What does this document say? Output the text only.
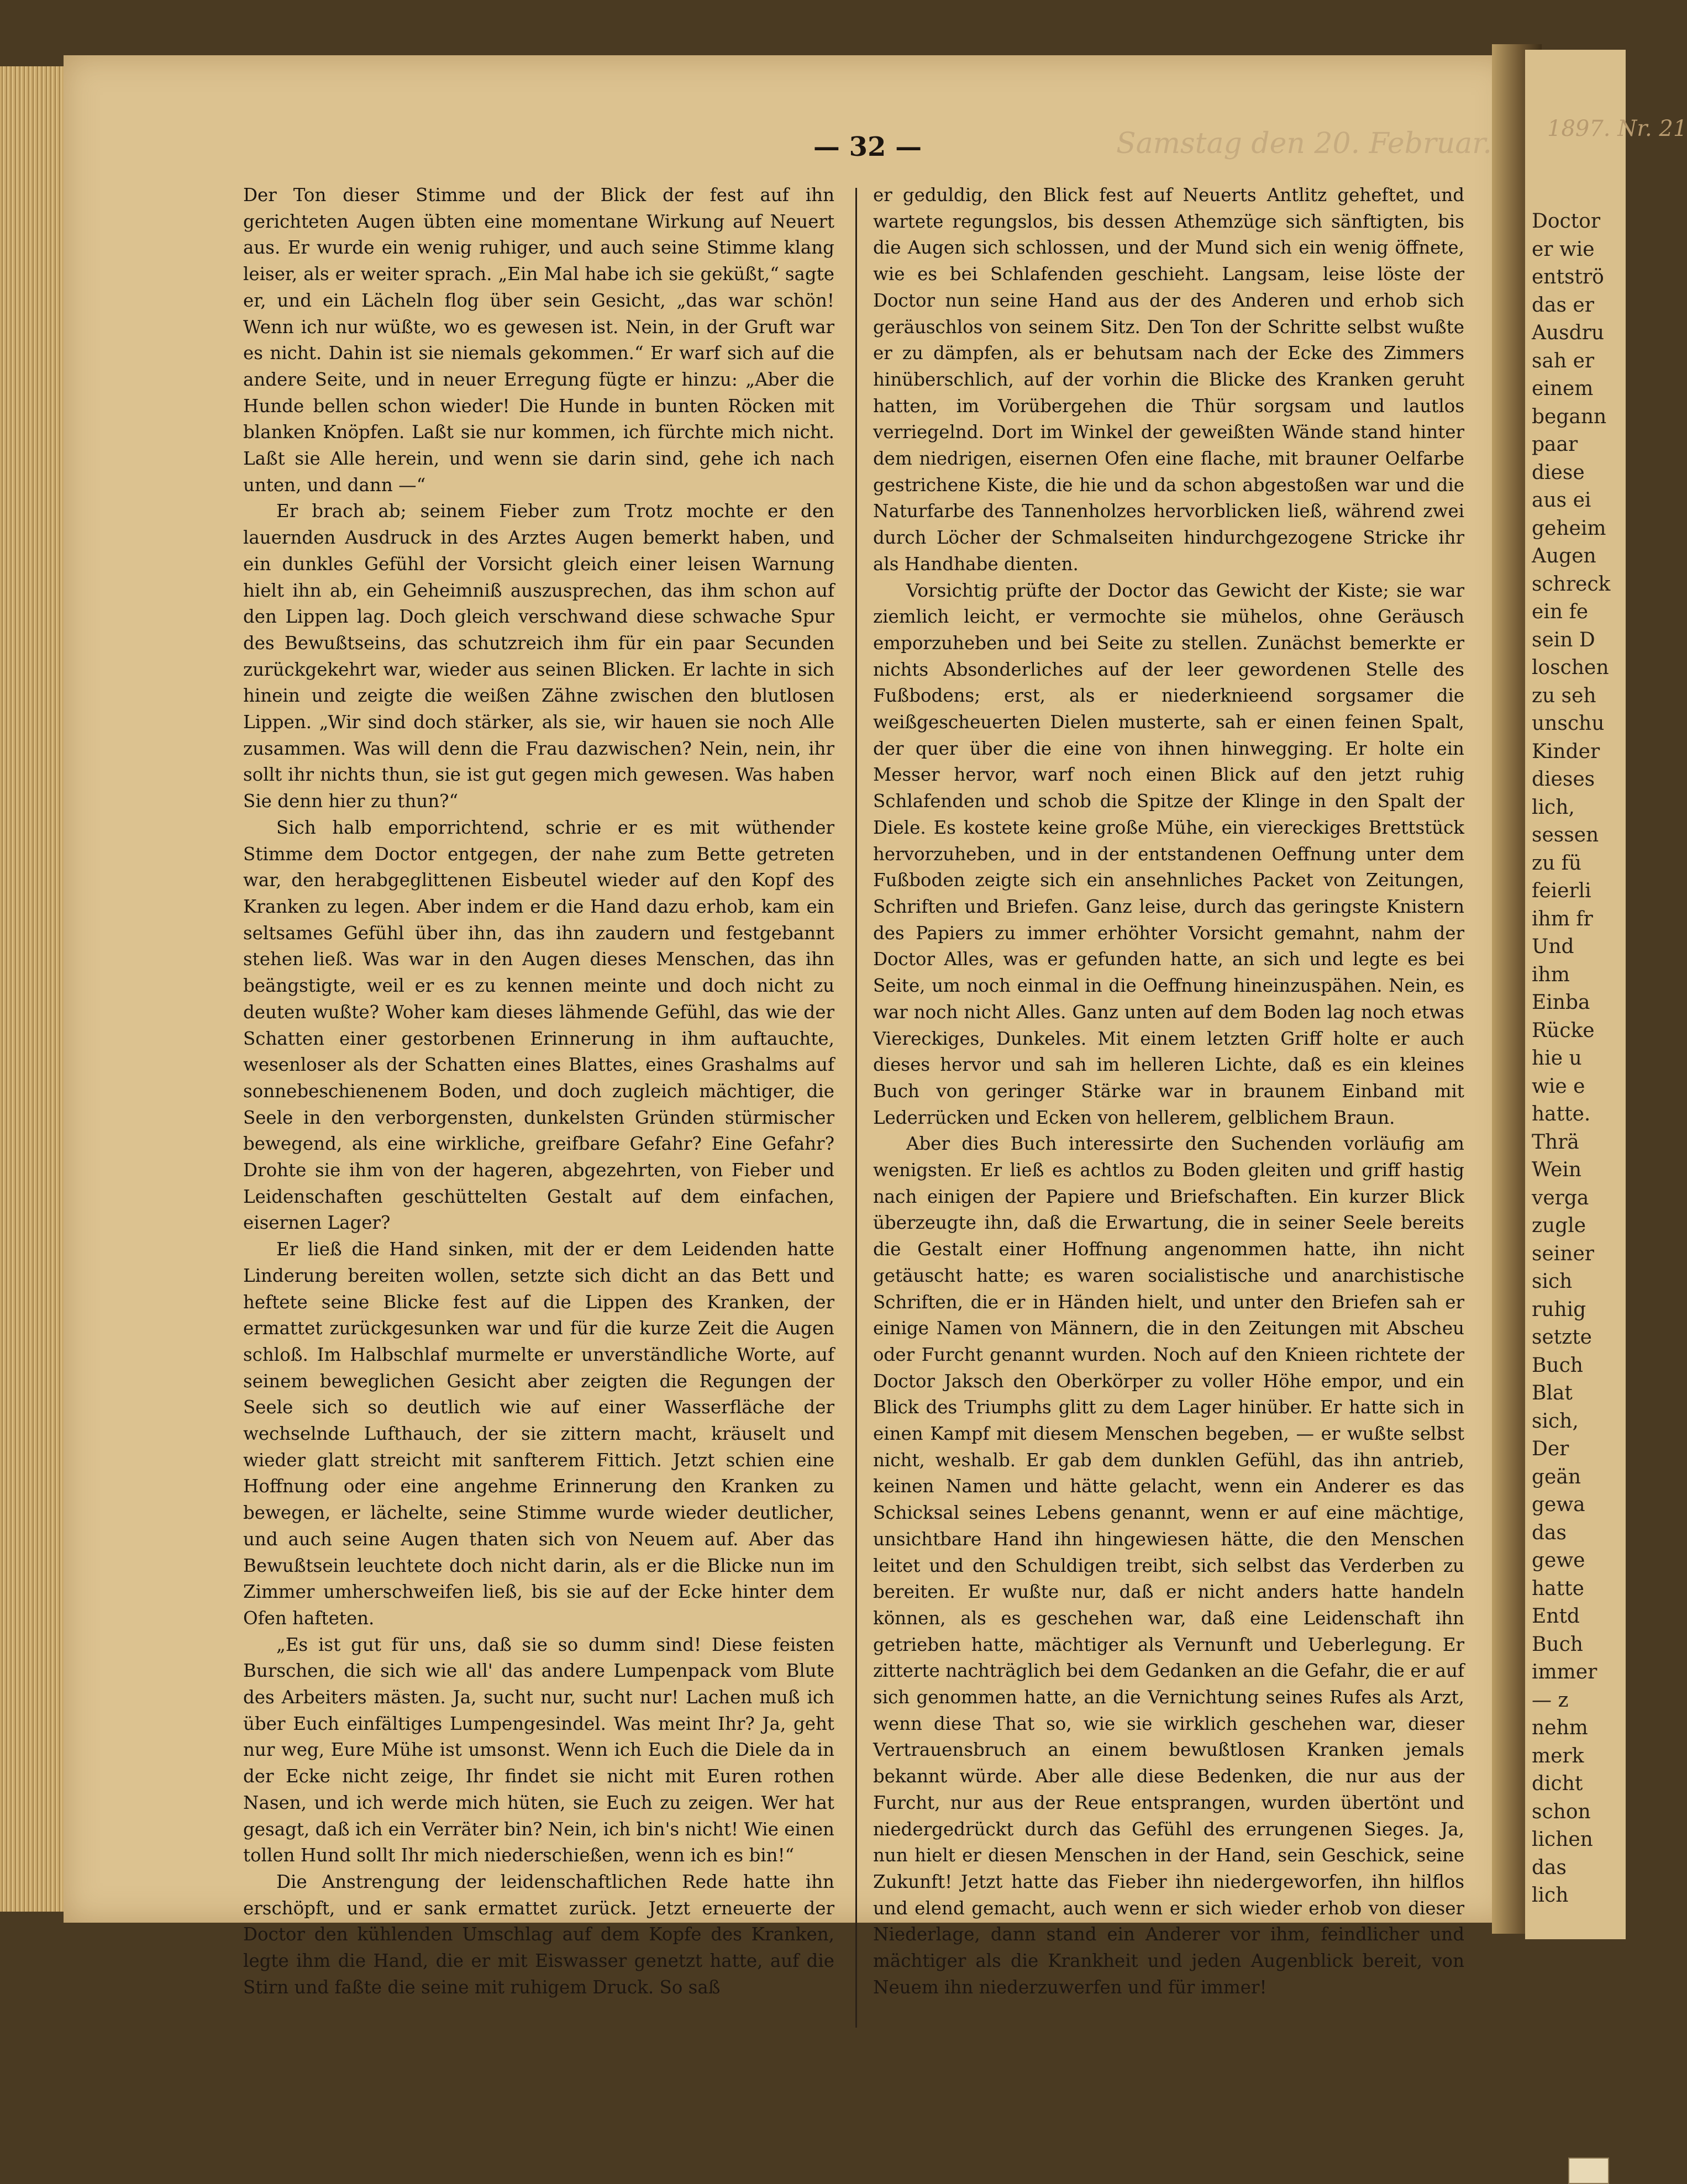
Samstag den 20. Februar.
— 32 —

Der Ton dieser Stimme und der Blick der fest auf ihn gerichteten Augen übten eine momentane Wirkung auf Neuert aus. Er wurde ein wenig ruhiger, und auch seine Stimme klang leiser, als er weiter sprach. „Ein Mal habe ich sie geküßt,“ sagte er, und ein Lächeln flog über sein Gesicht, „das war schön! Wenn ich nur wüßte, wo es gewesen ist. Nein, in der Gruft war es nicht. Dahin ist sie niemals gekommen.“ Er warf sich auf die andere Seite, und in neuer Erregung fügte er hinzu: „Aber die Hunde bellen schon wieder! Die Hunde in bunten Röcken mit blanken Knöpfen. Laßt sie nur kommen, ich fürchte mich nicht. Laßt sie Alle herein, und wenn sie darin sind, gehe ich nach unten, und dann —“

Er brach ab; seinem Fieber zum Trotz mochte er den lauernden Ausdruck in des Arztes Augen bemerkt haben, und ein dunkles Gefühl der Vorsicht gleich einer leisen Warnung hielt ihn ab, ein Geheimniß auszusprechen, das ihm schon auf den Lippen lag. Doch gleich verschwand diese schwache Spur des Bewußtseins, das schutzreich ihm für ein paar Secunden zurückgekehrt war, wieder aus seinen Blicken. Er lachte in sich hinein und zeigte die weißen Zähne zwischen den blutlosen Lippen. „Wir sind doch stärker, als sie, wir hauen sie noch Alle zusammen. Was will denn die Frau dazwischen? Nein, nein, ihr sollt ihr nichts thun, sie ist gut gegen mich gewesen. Was haben Sie denn hier zu thun?“

Sich halb emporrichtend, schrie er es mit wüthender Stimme dem Doctor entgegen, der nahe zum Bette getreten war, den herabgeglittenen Eisbeutel wieder auf den Kopf des Kranken zu legen. Aber indem er die Hand dazu erhob, kam ein seltsames Gefühl über ihn, das ihn zaudern und festgebannt stehen ließ. Was war in den Augen dieses Menschen, das ihn beängstigte, weil er es zu kennen meinte und doch nicht zu deuten wußte? Woher kam dieses lähmende Gefühl, das wie der Schatten einer gestorbenen Erinnerung in ihm auftauchte, wesenloser als der Schatten eines Blattes, eines Grashalms auf sonnebeschienenem Boden, und doch zugleich mächtiger, die Seele in den verborgensten, dunkelsten Gründen stürmischer bewegend, als eine wirkliche, greifbare Gefahr? Eine Gefahr? Drohte sie ihm von der hageren, abgezehrten, von Fieber und Leidenschaften geschüttelten Gestalt auf dem einfachen, eisernen Lager?

Er ließ die Hand sinken, mit der er dem Leidenden hatte Linderung bereiten wollen, setzte sich dicht an das Bett und heftete seine Blicke fest auf die Lippen des Kranken, der ermattet zurückgesunken war und für die kurze Zeit die Augen schloß. Im Halbschlaf murmelte er unverständliche Worte, auf seinem beweglichen Gesicht aber zeigten die Regungen der Seele sich so deutlich wie auf einer Wasserfläche der wechselnde Lufthauch, der sie zittern macht, kräuselt und wieder glatt streicht mit sanfterem Fittich. Jetzt schien eine Hoffnung oder eine angehme Erinnerung den Kranken zu bewegen, er lächelte, seine Stimme wurde wieder deutlicher, und auch seine Augen thaten sich von Neuem auf. Aber das Bewußtsein leuchtete doch nicht darin, als er die Blicke nun im Zimmer umherschweifen ließ, bis sie auf der Ecke hinter dem Ofen hafteten.

„Es ist gut für uns, daß sie so dumm sind! Diese feisten Burschen, die sich wie all' das andere Lumpenpack vom Blute des Arbeiters mästen. Ja, sucht nur, sucht nur! Lachen muß ich über Euch einfältiges Lumpengesindel. Was meint Ihr? Ja, geht nur weg, Eure Mühe ist umsonst. Wenn ich Euch die Diele da in der Ecke nicht zeige, Ihr findet sie nicht mit Euren rothen Nasen, und ich werde mich hüten, sie Euch zu zeigen. Wer hat gesagt, daß ich ein Verräter bin? Nein, ich bin's nicht! Wie einen tollen Hund sollt Ihr mich niederschießen, wenn ich es bin!“

Die Anstrengung der leidenschaftlichen Rede hatte ihn erschöpft, und er sank ermattet zurück. Jetzt erneuerte der Doctor den kühlenden Umschlag auf dem Kopfe des Kranken, legte ihm die Hand, die er mit Eiswasser genetzt hatte, auf die Stirn und faßte die seine mit ruhigem Druck. So saß

er geduldig, den Blick fest auf Neuerts Antlitz geheftet, und wartete regungslos, bis dessen Athemzüge sich sänftigten, bis die Augen sich schlossen, und der Mund sich ein wenig öffnete, wie es bei Schlafenden geschieht. Langsam, leise löste der Doctor nun seine Hand aus der des Anderen und erhob sich geräuschlos von seinem Sitz. Den Ton der Schritte selbst wußte er zu dämpfen, als er behutsam nach der Ecke des Zimmers hinüberschlich, auf der vorhin die Blicke des Kranken geruht hatten, im Vorübergehen die Thür sorgsam und lautlos verriegelnd. Dort im Winkel der geweißten Wände stand hinter dem niedrigen, eisernen Ofen eine flache, mit brauner Oelfarbe gestrichene Kiste, die hie und da schon abgestoßen war und die Naturfarbe des Tannenholzes hervorblicken ließ, während zwei durch Löcher der Schmalseiten hindurchgezogene Stricke ihr als Handhabe dienten.

Vorsichtig prüfte der Doctor das Gewicht der Kiste; sie war ziemlich leicht, er vermochte sie mühelos, ohne Geräusch emporzuheben und bei Seite zu stellen. Zunächst bemerkte er nichts Absonderliches auf der leer gewordenen Stelle des Fußbodens; erst, als er niederknieend sorgsamer die weißgescheuerten Dielen musterte, sah er einen feinen Spalt, der quer über die eine von ihnen hinwegging. Er holte ein Messer hervor, warf noch einen Blick auf den jetzt ruhig Schlafenden und schob die Spitze der Klinge in den Spalt der Diele. Es kostete keine große Mühe, ein viereckiges Brettstück hervorzuheben, und in der entstandenen Oeffnung unter dem Fußboden zeigte sich ein ansehnliches Packet von Zeitungen, Schriften und Briefen. Ganz leise, durch das geringste Knistern des Papiers zu immer erhöhter Vorsicht gemahnt, nahm der Doctor Alles, was er gefunden hatte, an sich und legte es bei Seite, um noch einmal in die Oeffnung hineinzuspähen. Nein, es war noch nicht Alles. Ganz unten auf dem Boden lag noch etwas Viereckiges, Dunkeles. Mit einem letzten Griff holte er auch dieses hervor und sah im helleren Lichte, daß es ein kleines Buch von geringer Stärke war in braunem Einband mit Lederrücken und Ecken von hellerem, gelblichem Braun.

Aber dies Buch interessirte den Suchenden vorläufig am wenigsten. Er ließ es achtlos zu Boden gleiten und griff hastig nach einigen der Papiere und Briefschaften. Ein kurzer Blick überzeugte ihn, daß die Erwartung, die in seiner Seele bereits die Gestalt einer Hoffnung angenommen hatte, ihn nicht getäuscht hatte; es waren socialistische und anarchistische Schriften, die er in Händen hielt, und unter den Briefen sah er einige Namen von Männern, die in den Zeitungen mit Abscheu oder Furcht genannt wurden. Noch auf den Knieen richtete der Doctor Jaksch den Oberkörper zu voller Höhe empor, und ein Blick des Triumphs glitt zu dem Lager hinüber. Er hatte sich in einen Kampf mit diesem Menschen begeben, — er wußte selbst nicht, weshalb. Er gab dem dunklen Gefühl, das ihn antrieb, keinen Namen und hätte gelacht, wenn ein Anderer es das Schicksal seines Lebens genannt, wenn er auf eine mächtige, unsichtbare Hand ihn hingewiesen hätte, die den Menschen leitet und den Schuldigen treibt, sich selbst das Verderben zu bereiten. Er wußte nur, daß er nicht anders hatte handeln können, als es geschehen war, daß eine Leidenschaft ihn getrieben hatte, mächtiger als Vernunft und Ueberlegung. Er zitterte nachträglich bei dem Gedanken an die Gefahr, die er auf sich genommen hatte, an die Vernichtung seines Rufes als Arzt, wenn diese That so, wie sie wirklich geschehen war, dieser Vertrauensbruch an einem bewußtlosen Kranken jemals bekannt würde. Aber alle diese Bedenken, die nur aus der Furcht, nur aus der Reue entsprangen, wurden übertönt und niedergedrückt durch das Gefühl des errungenen Sieges. Ja, nun hielt er diesen Menschen in der Hand, sein Geschick, seine Zukunft! Jetzt hatte das Fieber ihn niedergeworfen, ihn hilflos und elend gemacht, auch wenn er sich wieder erhob von dieser Niederlage, dann stand ein Anderer vor ihm, feindlicher und mächtiger als die Krankheit und jeden Augenblick bereit, von Neuem ihn niederzuwerfen und für immer!

1897. Nr. 21
Doctor
er wie
entströ
das er
Ausdru
sah er
einem
begann
paar
diese
aus ei
geheim
Augen
schreck
ein fe
sein D
loschen
zu seh
unschu
Kinder
dieses
lich,
sessen
zu fü
feierli
ihm fr
Und
ihm
Einba
Rücke
hie u
wie e
hatte.
Thrä
Wein
verga
zugle
seiner
sich
ruhig
setzte
Buch
Blat
sich,
Der
geän
gewa
das
gewe
hatte
Entd
Buch
immer
— z
nehm
merk
dicht
schon
lichen
das
lich
